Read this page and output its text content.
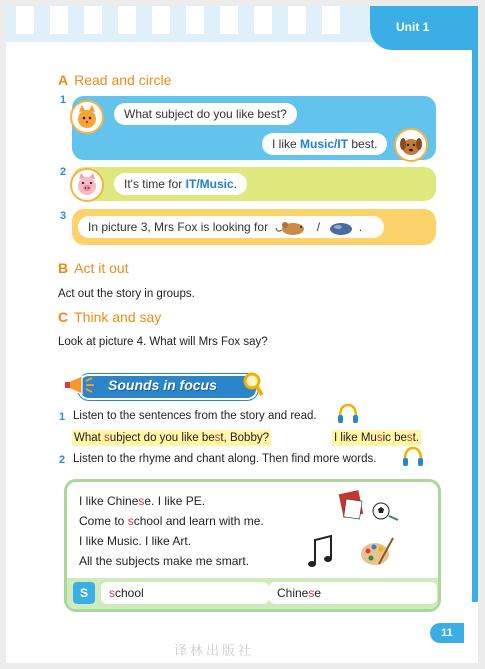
Unit 1
A Read and circle
1
What subject do you like best?
I like Music/IT best.
2
It's time for IT/Music.
3
In picture 3, Mrs Fox is looking for	/	.
B Act it out
Act out the story in groups.
C Think and say
Look at picture 4. What will Mrs Fox say?
Sounds in focus
1 Listen to the sentences from the story and read.
What subject do you like best, Bobby?	I like Music best.
2 Listen to the rhyme and chant along. Then find more words.
I like Chinese. I like PE.
Come to school and learn with me.
I like Music. I like Art.
All the subjects make me smart.
S	school	Chinese
译林出版社
11
